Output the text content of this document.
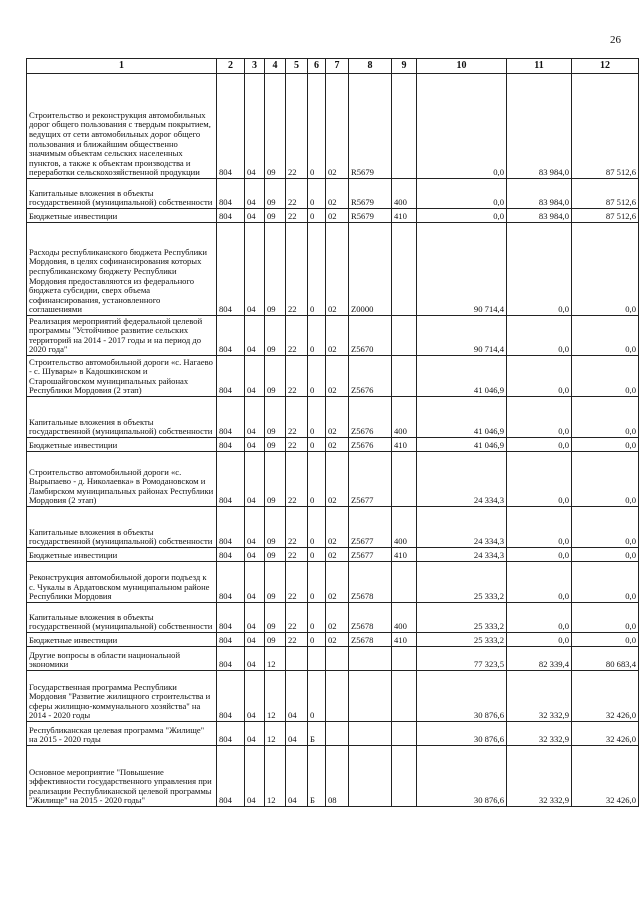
26
1	2	3	4	5	6	7	8	9	10	11	12
Строительство и реконструкция автомобильных дорог общего пользования с твердым покрытием, ведущих от сети автомобильных дорог общего пользования и ближайшим общественно значимым объектам сельских населенных пунктов, а также к объектам производства и переработки сельскохозяйственной продукции	804	04	09	22	0	02	R5679		0,0	83 984,0	87 512,6
Капитальные вложения в объекты государственной (муниципальной) собственности	804	04	09	22	0	02	R5679	400	0,0	83 984,0	87 512,6
Бюджетные инвестиции	804	04	09	22	0	02	R5679	410	0,0	83 984,0	87 512,6
Расходы республиканского бюджета Республики Мордовия, в целях софинансирования которых республиканскому бюджету Республики Мордовия предоставляются из федерального бюджета субсидии, сверх объема софинансирования, установленного соглашениями	804	04	09	22	0	02	Z0000		90 714,4	0,0	0,0
Реализация мероприятий федеральной целевой программы "Устойчивое развитие сельских территорий на 2014 - 2017 годы и на период до 2020 года"	804	04	09	22	0	02	Z5670		90 714,4	0,0	0,0
Строительство автомобильной дороги «с. Нагаево - с. Шувары» в Кадошкинском и Старошайговском муниципальных районах Республики Мордовия (2 этап)	804	04	09	22	0	02	Z5676		41 046,9	0,0	0,0
Капитальные вложения в объекты государственной (муниципальной) собственности	804	04	09	22	0	02	Z5676	400	41 046,9	0,0	0,0
Бюджетные инвестиции	804	04	09	22	0	02	Z5676	410	41 046,9	0,0	0,0
Строительство автомобильной дороги «с. Вырыпаево - д. Николаевка» в Ромодановском и Ламбирском муниципальных районах Республики Мордовия (2 этап)	804	04	09	22	0	02	Z5677		24 334,3	0,0	0,0
Капитальные вложения в объекты государственной (муниципальной) собственности	804	04	09	22	0	02	Z5677	400	24 334,3	0,0	0,0
Бюджетные инвестиции	804	04	09	22	0	02	Z5677	410	24 334,3	0,0	0,0
Реконструкция автомобильной дороги подъезд к с. Чукалы в Ардатовском муниципальном районе Республики Мордовия	804	04	09	22	0	02	Z5678		25 333,2	0,0	0,0
Капитальные вложения в объекты государственной (муниципальной) собственности	804	04	09	22	0	02	Z5678	400	25 333,2	0,0	0,0
Бюджетные инвестиции	804	04	09	22	0	02	Z5678	410	25 333,2	0,0	0,0
Другие вопросы в области национальной экономики	804	04	12						77 323,5	82 339,4	80 683,4
Государственная программа Республики Мордовия "Развитие жилищного строительства и сферы жилищно-коммунального хозяйства" на 2014 - 2020 годы	804	04	12	04	0				30 876,6	32 332,9	32 426,0
Республиканская целевая программа "Жилище" на 2015 - 2020 годы	804	04	12	04	Б				30 876,6	32 332,9	32 426,0
Основное мероприятие "Повышение эффективности государственного управления при реализации Республиканской целевой программы "Жилище" на 2015 - 2020 годы"	804	04	12	04	Б	08			30 876,6	32 332,9	32 426,0
